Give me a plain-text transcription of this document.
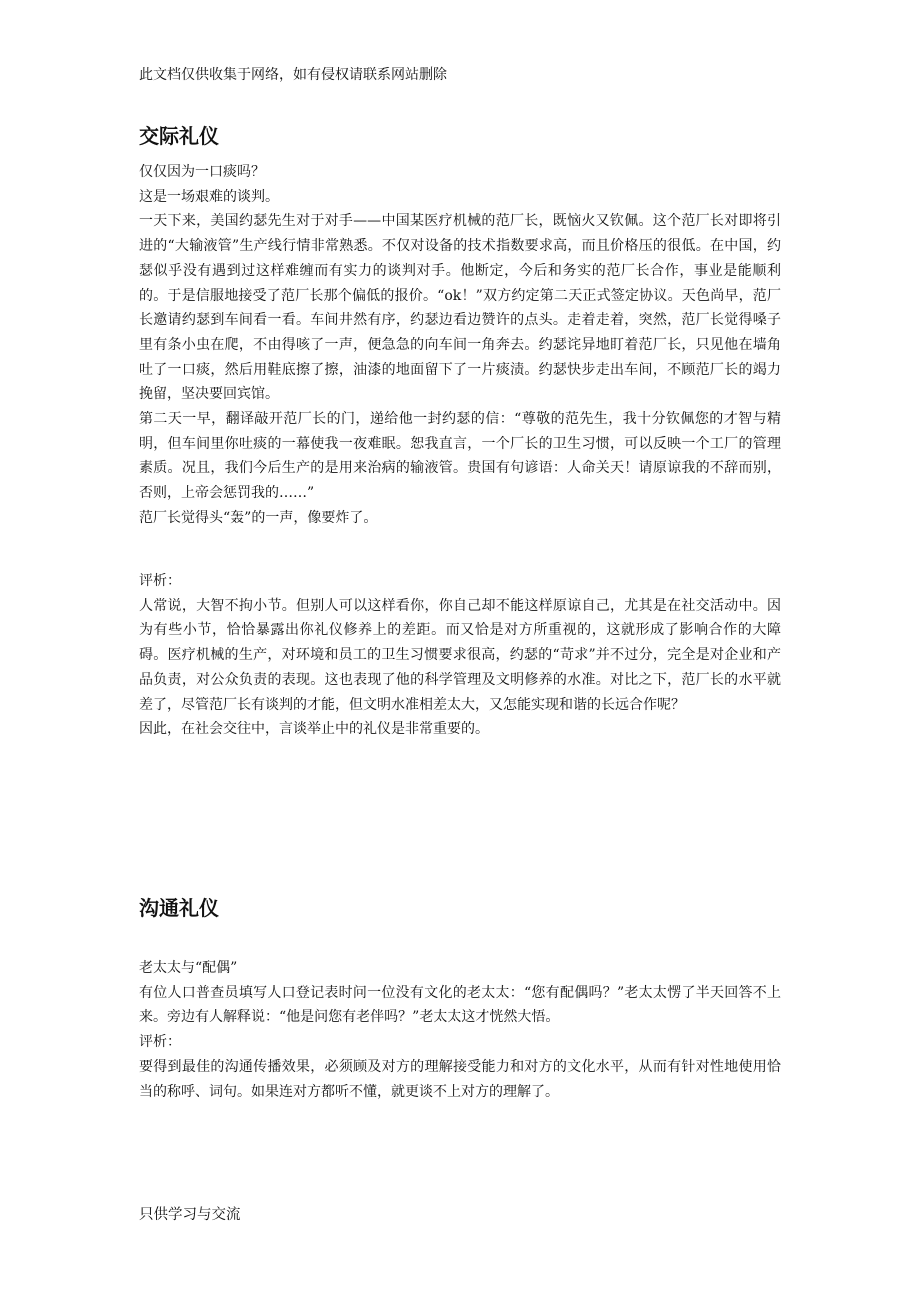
此文档仅供收集于网络，如有侵权请联系网站删除
交际礼仪

仅仅因为一口痰吗？

这是一场艰难的谈判。

一天下来，美国约瑟先生对于对手——中国某医疗机械的范厂长，既恼火又钦佩。这个范厂长对即将引进的“大输液管”生产线行情非常熟悉。不仅对设备的技术指数要求高，而且价格压的很低。在中国，约瑟似乎没有遇到过这样难缠而有实力的谈判对手。他断定，今后和务实的范厂长合作，事业是能顺利的。于是信服地接受了范厂长那个偏低的报价。“ok！”双方约定第二天正式签定协议。天色尚早，范厂长邀请约瑟到车间看一看。车间井然有序，约瑟边看边赞许的点头。走着走着，突然，范厂长觉得嗓子里有条小虫在爬，不由得咳了一声，便急急的向车间一角奔去。约瑟诧异地盯着范厂长，只见他在墙角吐了一口痰，然后用鞋底擦了擦，油漆的地面留下了一片痰渍。约瑟快步走出车间，不顾范厂长的竭力挽留，坚决要回宾馆。

第二天一早，翻译敲开范厂长的门，递给他一封约瑟的信：“尊敬的范先生，我十分钦佩您的才智与精明，但车间里你吐痰的一幕使我一夜难眠。恕我直言，一个厂长的卫生习惯，可以反映一个工厂的管理素质。况且，我们今后生产的是用来治病的输液管。贵国有句谚语：人命关天！请原谅我的不辞而别，否则，上帝会惩罚我的……”

范厂长觉得头“轰”的一声，像要炸了。

评析：

人常说，大智不拘小节。但别人可以这样看你，你自己却不能这样原谅自己，尤其是在社交活动中。因为有些小节，恰恰暴露出你礼仪修养上的差距。而又恰是对方所重视的，这就形成了影响合作的大障碍。医疗机械的生产，对环境和员工的卫生习惯要求很高，约瑟的“苛求”并不过分，完全是对企业和产品负责，对公众负责的表现。这也表现了他的科学管理及文明修养的水准。对比之下，范厂长的水平就差了，尽管范厂长有谈判的才能，但文明水准相差太大，又怎能实现和谐的长远合作呢？

因此，在社会交往中，言谈举止中的礼仪是非常重要的。

沟通礼仪

老太太与“配偶”

有位人口普查员填写人口登记表时问一位没有文化的老太太：“您有配偶吗？”老太太愣了半天回答不上来。旁边有人解释说：“他是问您有老伴吗？”老太太这才恍然大悟。

评析：

要得到最佳的沟通传播效果，必须顾及对方的理解接受能力和对方的文化水平，从而有针对性地使用恰当的称呼、词句。如果连对方都听不懂，就更谈不上对方的理解了。

只供学习与交流
